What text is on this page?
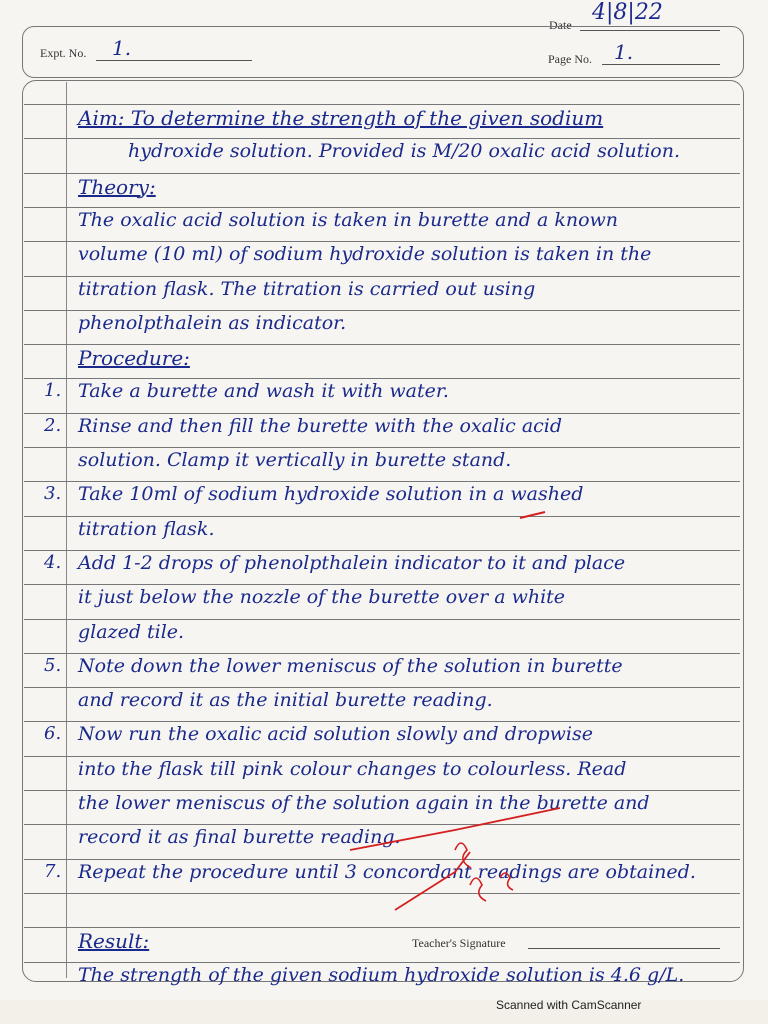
Date 4|8|22
Expt. No. 1.	Page No. 1.
Aim: To determine the strength of the given sodium
hydroxide solution. Provided is M/20 oxalic acid solution.
Theory:
The oxalic acid solution is taken in burette and a known
volume (10 ml) of sodium hydroxide solution is taken in the
titration flask. The titration is carried out using
phenolpthalein as indicator.
Procedure:
1. Take a burette and wash it with water.
2. Rinse and then fill the burette with the oxalic acid
solution. Clamp it vertically in burette stand.
3. Take 10ml of sodium hydroxide solution in a washed
titration flask.
4. Add 1-2 drops of phenolpthalein indicator to it and place
it just below the nozzle of the burette over a white
glazed tile.
5. Note down the lower meniscus of the solution in burette
and record it as the initial burette reading.
6. Now run the oxalic acid solution slowly and dropwise
into the flask till pink colour changes to colourless. Read
the lower meniscus of the solution again in the burette and
record it as final burette reading.
7. Repeat the procedure until 3 concordant readings are obtained.
Result:
The strength of the given sodium hydroxide solution is 4.6 g/L.
Teacher's Signature
Scanned with CamScanner
